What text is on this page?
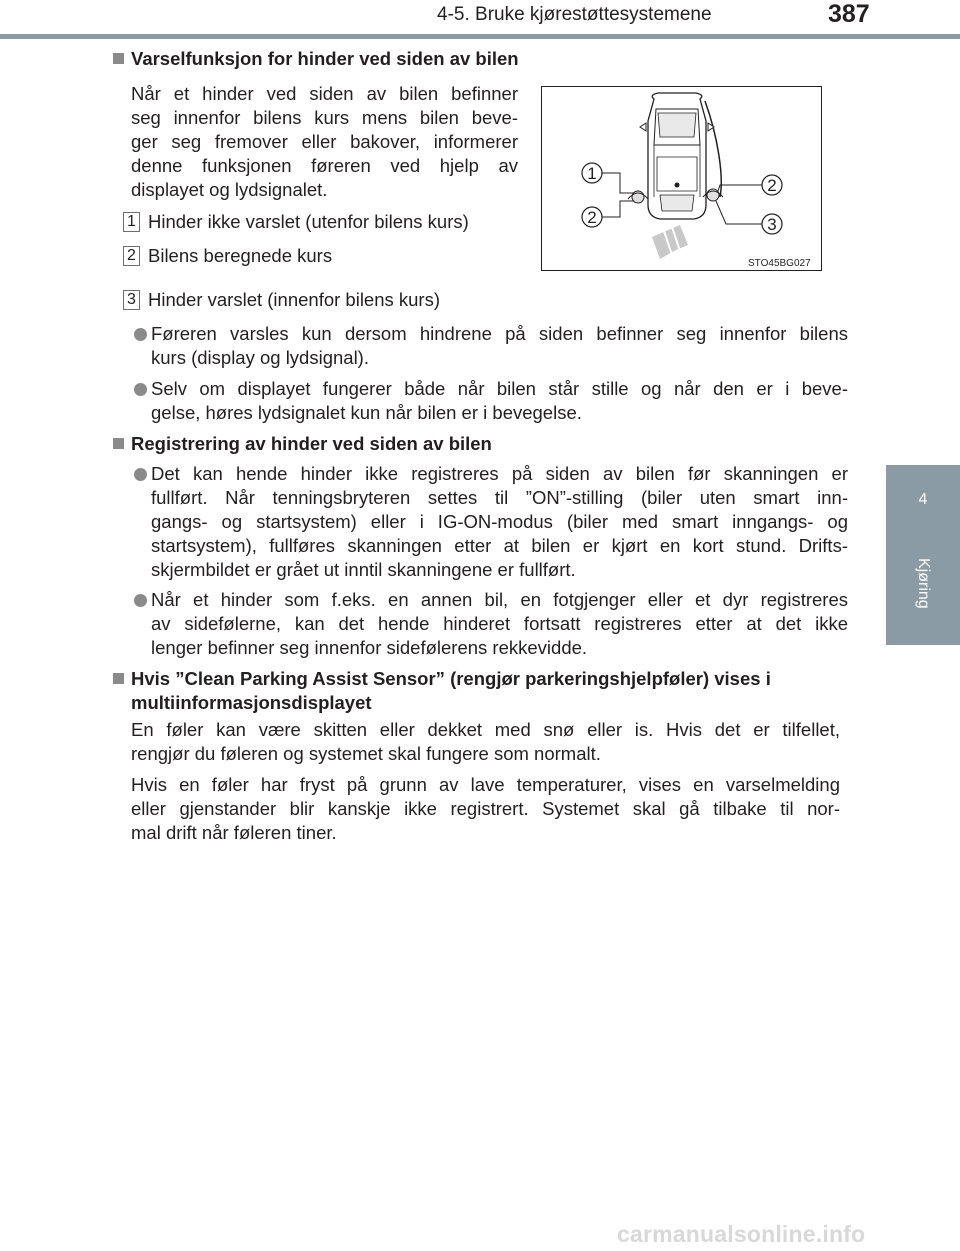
4-5. Bruke kjørestøttesystemene	387
4
Kjøring
Varselfunksjon for hinder ved siden av bilen
Når et hinder ved siden av bilen befinner
seg innenfor bilens kurs mens bilen beve-
ger seg fremover eller bakover, informerer
denne funksjonen føreren ved hjelp av
displayet og lydsignalet.
1 Hinder ikke varslet (utenfor bilens kurs)
2 Bilens beregnede kurs
3 Hinder varslet (innenfor bilens kurs)
Føreren varsles kun dersom hindrene på siden befinner seg innenfor bilens
kurs (display og lydsignal).
Selv om displayet fungerer både når bilen står stille og når den er i beve-
gelse, høres lydsignalet kun når bilen er i bevegelse.
Registrering av hinder ved siden av bilen
Det kan hende hinder ikke registreres på siden av bilen før skanningen er
fullført. Når tenningsbryteren settes til ”ON”-stilling (biler uten smart inn-
gangs- og startsystem) eller i IG-ON-modus (biler med smart inngangs- og
startsystem), fullføres skanningen etter at bilen er kjørt en kort stund. Drifts-
skjermbildet er grået ut inntil skanningene er fullført.
Når et hinder som f.eks. en annen bil, en fotgjenger eller et dyr registreres
av sidefølerne, kan det hende hinderet fortsatt registreres etter at det ikke
lenger befinner seg innenfor sidefølerens rekkevidde.
Hvis ”Clean Parking Assist Sensor” (rengjør parkeringshjelpføler) vises i
multiinformasjonsdisplayet
En føler kan være skitten eller dekket med snø eller is. Hvis det er tilfellet,
rengjør du føleren og systemet skal fungere som normalt.
Hvis en føler har fryst på grunn av lave temperaturer, vises en varselmelding
eller gjenstander blir kanskje ikke registrert. Systemet skal gå tilbake til nor-
mal drift når føleren tiner.
1
2
2
3
STO45BG027
carmanualsonline.info
